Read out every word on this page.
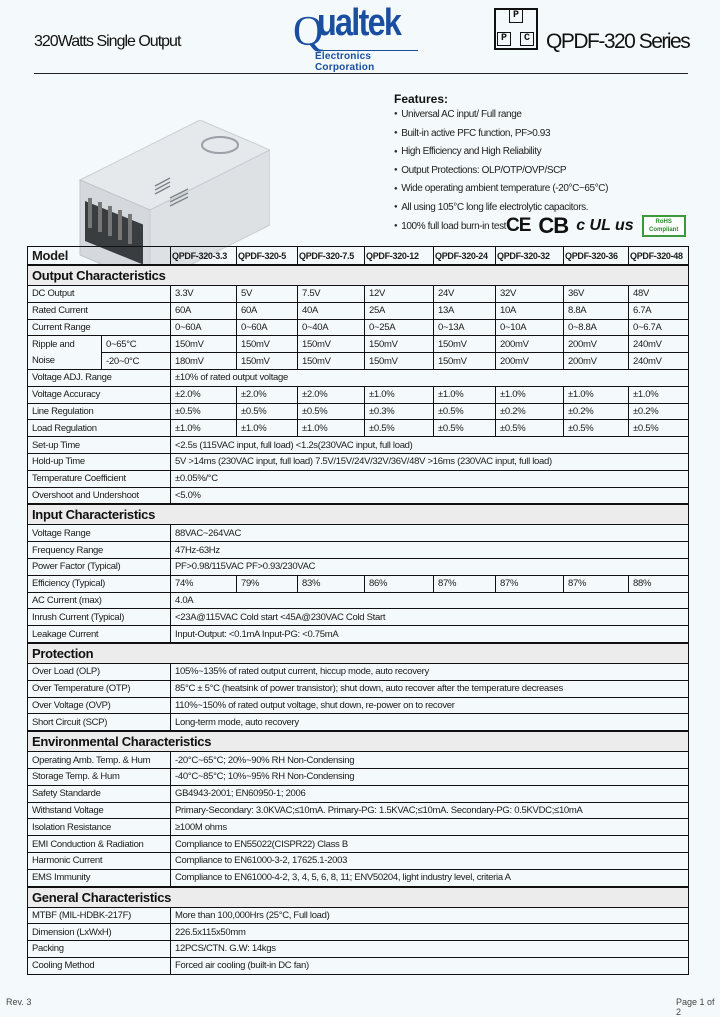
320Watts Single Output	Q
ualtek
Electronics Corporation
P
P	C QPDF-320 Series
Features:
● Universal AC input/ Full range
● Built-in active PFC function, PF>0.93
● High Efficiency and High Reliability
● Output Protections: OLP/OTP/OVP/SCP
● Wide operating ambient temperature (-20°C~65°C)
● All using 105°C long life electrolytic capacitors.
● 100% full load burn-in test CE CB c UL us	RoHS
Compliant
Model		QPDF-320-3.3	QPDF-320-5	QPDF-320-7.5	QPDF-320-12	QPDF-320-24	QPDF-320-32	QPDF-320-36	QPDF-320-48
Output Characteristics									
DC Output		3.3V	5V	7.5V	12V	24V	32V	36V	48V
Rated Current		60A	60A	40A	25A	13A	10A	8.8A	6.7A
Current Range		0~60A	0~60A	0~40A	0~25A	0~13A	0~10A	0~8.8A	0~6.7A

Ripple and
Noise	0~65°C	150mV	150mV	150mV	150mV	150mV	200mV	200mV	240mV
	-20~0°C	180mV	150mV	150mV	150mV	150mV	200mV	200mV	240mV
Voltage ADJ. Range		±10% of rated output voltage							
Voltage Accuracy		±2.0%	±2.0%	±2.0%	±1.0%	±1.0%	±1.0%	±1.0%	±1.0%
Line Regulation		±0.5%	±0.5%	±0.5%	±0.3%	±0.5%	±0.2%	±0.2%	±0.2%
Load Regulation		±1.0%	±1.0%	±1.0%	±0.5%	±0.5%	±0.5%	±0.5%	±0.5%
Set-up Time		<2.5s (115VAC input, full load) <1.2s(230VAC input, full load)							
Hold-up Time		5V >14ms (230VAC input, full load) 7.5V/15V/24V/32V/36V/48V >16ms (230VAC input, full load)							
Temperature Coefficient		±0.05%/°C							
Overshoot and Undershoot		<5.0%							
Input Characteristics									
Voltage Range		88VAC~264VAC							
Frequency Range		47Hz-63Hz							
Power Factor (Typical)		PF>0.98/115VAC PF>0.93/230VAC							
Efficiency (Typical)		74%	79%	83%	86%	87%	87%	87%	88%
AC Current (max)		4.0A							
Inrush Current (Typical)		<23A@115VAC Cold start <45A@230VAC Cold Start							
Leakage Current		Input-Output: <0.1mA Input-PG: <0.75mA							
Protection									
Over Load (OLP)		105%~135% of rated output current, hiccup mode, auto recovery							
Over Temperature (OTP)		85°C ± 5°C (heatsink of power transistor); shut down, auto recover after the temperature decreases							
Over Voltage (OVP)		110%~150% of rated output voltage, shut down, re-power on to recover							
Short Circuit (SCP)		Long-term mode, auto recovery							
Environmental Characteristics									
Operating Amb. Temp. & Hum		-20°C~65°C; 20%~90% RH Non-Condensing							
Storage Temp. & Hum		-40°C~85°C; 10%~95% RH Non-Condensing							
Safety Standarde		GB4943-2001; EN60950-1; 2006							
Withstand Voltage		Primary-Secondary: 3.0KVAC;≤10mA. Primary-PG: 1.5KVAC;≤10mA. Secondary-PG: 0.5KVDC;≤10mA							
Isolation Resistance		≥100M ohms							
EMI Conduction & Radiation		Compliance to EN55022(CISPR22) Class B							
Harmonic Current		Compliance to EN61000-3-2, 17625.1-2003							
EMS Immunity		Compliance to EN61000-4-2, 3, 4, 5, 6, 8, 11; ENV50204, light industry level, criteria A							
General Characteristics									
MTBF (MIL-HDBK-217F)		More than 100,000Hrs (25°C, Full load)							
Dimension (LxWxH)		226.5x115x50mm							
Packing		12PCS/CTN. G.W: 14kgs							
Cooling Method		Forced air cooling (built-in DC fan)							
Rev. 3	Page 1 of 2
